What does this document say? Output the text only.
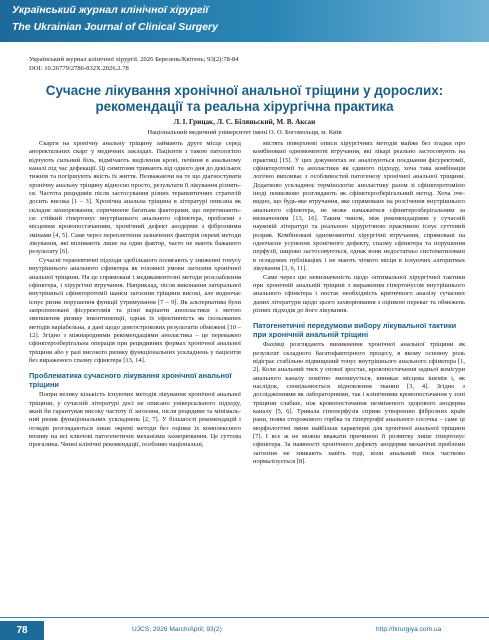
Український журнал клінічної хірургії
The Ukrainian Journal of Clinical Surgery
Український журнал клінічної хірургії. 2026 Березень/Квітень; 93(2):78-84
DOI: 10.26779/2786-832X.2026.2.78
Сучасне лікування хронічної анальної тріщини у дорослих:
рекомендації та реальна хірургічна практика
Л. І. Грицак, Л. С. Біляньский, М. В. Аксан
Національний медичний університет імені О. О. Богомольця, м. Київ

Скарги на хронічну анальну тріщину займають друге місце серед аноректальних скарг у медичних закладах. Пацієнти з такою патологією відчують сильний біль, відмічають виділення крові, печіння в анальному каналі під час дефекації. Ці симптоми тривають від одного дня до декількох тижнів та погіршують якість їх життя. Незважаючи на те що діагностувати хронічну анальну тріщину відносно просто, результати її лікування різняться. Частота рецидивів після застосування різних терапевтичних стратегій досить висока [1 – 3]. Хронічна анальна тріщина в літературі описана як складне захворювання, спричинене багатьма факторами, що перетинаються: стійкий гіпертонус внутрішнього анального сфінктера, проблеми з місцевим кровопостачанням, хронічний дефект анодерми з фіброзними змінами [4, 5]. Саме через переплетення зазначених факторів окремі методи лікування, які впливають лише на один фактор, часто не мають бажаного результату [6].

Сучасні терапевтичні підходи здебільшого полягають у зниженні тонусу внутрішнього анального сфінктера як головної умови загоєння хронічної анальної тріщини. На це спрямовані і медикаментозні методи розслаблення сфінктера, і хірургічні втручання. Наприклад, після виконання латеральної внутрішньої сфінктеротомії шанси загоєння тріщини високі, але водночас існує ризик порушення функції утримування [7 – 9]. Як альтернатива були запропоновані фісуректомія та різні варіанти анопластики з метою зменшення ризику інконтиненції, однак їх ефективність як ізольованих методів варіабельна, а дані щодо довгострокових результатів обмежені [10 – 12]. Згідно з міжнародними рекомендаціями аноластика – це переважно сфінктерозберігальна операція при рецидивних формах хронічної анальної тріщини або у разі високого ризику функціональних ускладнень у пацієнтів без вираженого спазму сфінктера [13, 14].

Проблематика сучасного лікування хронічної анальної тріщини

Попри велику кількість існуючих методів лікування хронічної анальної тріщини, у сучасній літературі досі не описано універсального підходу, який би гарантував високу частоту її загоєння, після рецидиви та мінімальний ризик функціональних ускладнень [2, 7]. У більшості рекомендацій і оглядів розглядаються лише окремі методи без оцінки їх комплексного впливу на всі ключові патогенетичні механізми захворювання. Це суттєва прогалина. Чинні клінічні рекомендації, особливо національні,

містять поверхневі описи хірургічних методів майже без згадки про комбіновані одномоментні втручання, які лікарі реально застосовують на практиці [15]. У цих документах не аналізуються поєднання фісуректомії, сфінктеротомії та аноластики як єдиного підходу, хоча така комбінація логічно випливає з особливостей патогенезу хронічної анальної тріщини. Додатково ускладнює термінологія: аноластику разом зі сфінктеротомією іноді помилково розглядають як сфінктерозберігальний метод. Хоча очевидно, що будь-яке втручання, яке спрямоване на розсічення внутрішнього анального сфінктера, не може намажатися сфінктерозберігальним за визначенням [13, 16]. Таким чином, між рекомендаціями у сучасній науковій літературі та реальною хірургічною практикою існує суттєвий розрив. Комбіновані одномоментні хірургічні втручання, спрямовані на одночасне усунення хронічного дефекту, спазму сфінктера та порушення перфузії, широко застосовуються, однак вони недостатньо систематизовані в оглядових публікаціях і не мають чіткого місця в існуючих алгоритмах лікування [3, 6, 11].

Саме через цю невизначеність щодо оптимальної хірургічної тактики при хронічній анальній тріщині з вираженим гіпертонусом внутрішнього анального сфінктера і постає необхідність критичного аналізу сучасних даних літератури щодо цього захворювання з оцінкою переваг та обмежень різних підходів до його лікування.

Патогенетичні передумови вибору лікувальної тактики при хронічній анальній тріщині

Фахівці розглядають виникнення хронічної анальної тріщини як результат складного багатофакторного процесу, в якому основну роль відіграє стабільно підвищений тонус внутрішнього анального сфінктера [1, 2]. Коли анальний тиск у спокої зростає, кровопостачання задньої комісури анального каналу помітно зменшується, виникає місцева ішемія і, як наслідок, сповільнюється відновлення тканин [3, 4]. Згідно з дослідженнями як лабораторними, так і клінічними кровопостачання у зоні тріщини слабше, ніж кровопостачання незміненого здорового анодерма каналу [5, 6]. Тривала гіпоперфузія сприяє утворенню фіброзних країв рани, поява сторожового горбка та гіпертрофії анального сосочка – саме ці морфологічні зміни найбільш характерні для хронічної анальної тріщини [7]. І все ж не можна вважати причиною її розвитку лише гіпертонус сфінктера. За наявності хронічного дефекту анодерми механічні проблеми загоєння не зникають навіть тоді, коли анальний тиск частково нормалізується [8].

78	UJCS, 2026 March/April; 93(2)	http://hirurgiya.com.ua
